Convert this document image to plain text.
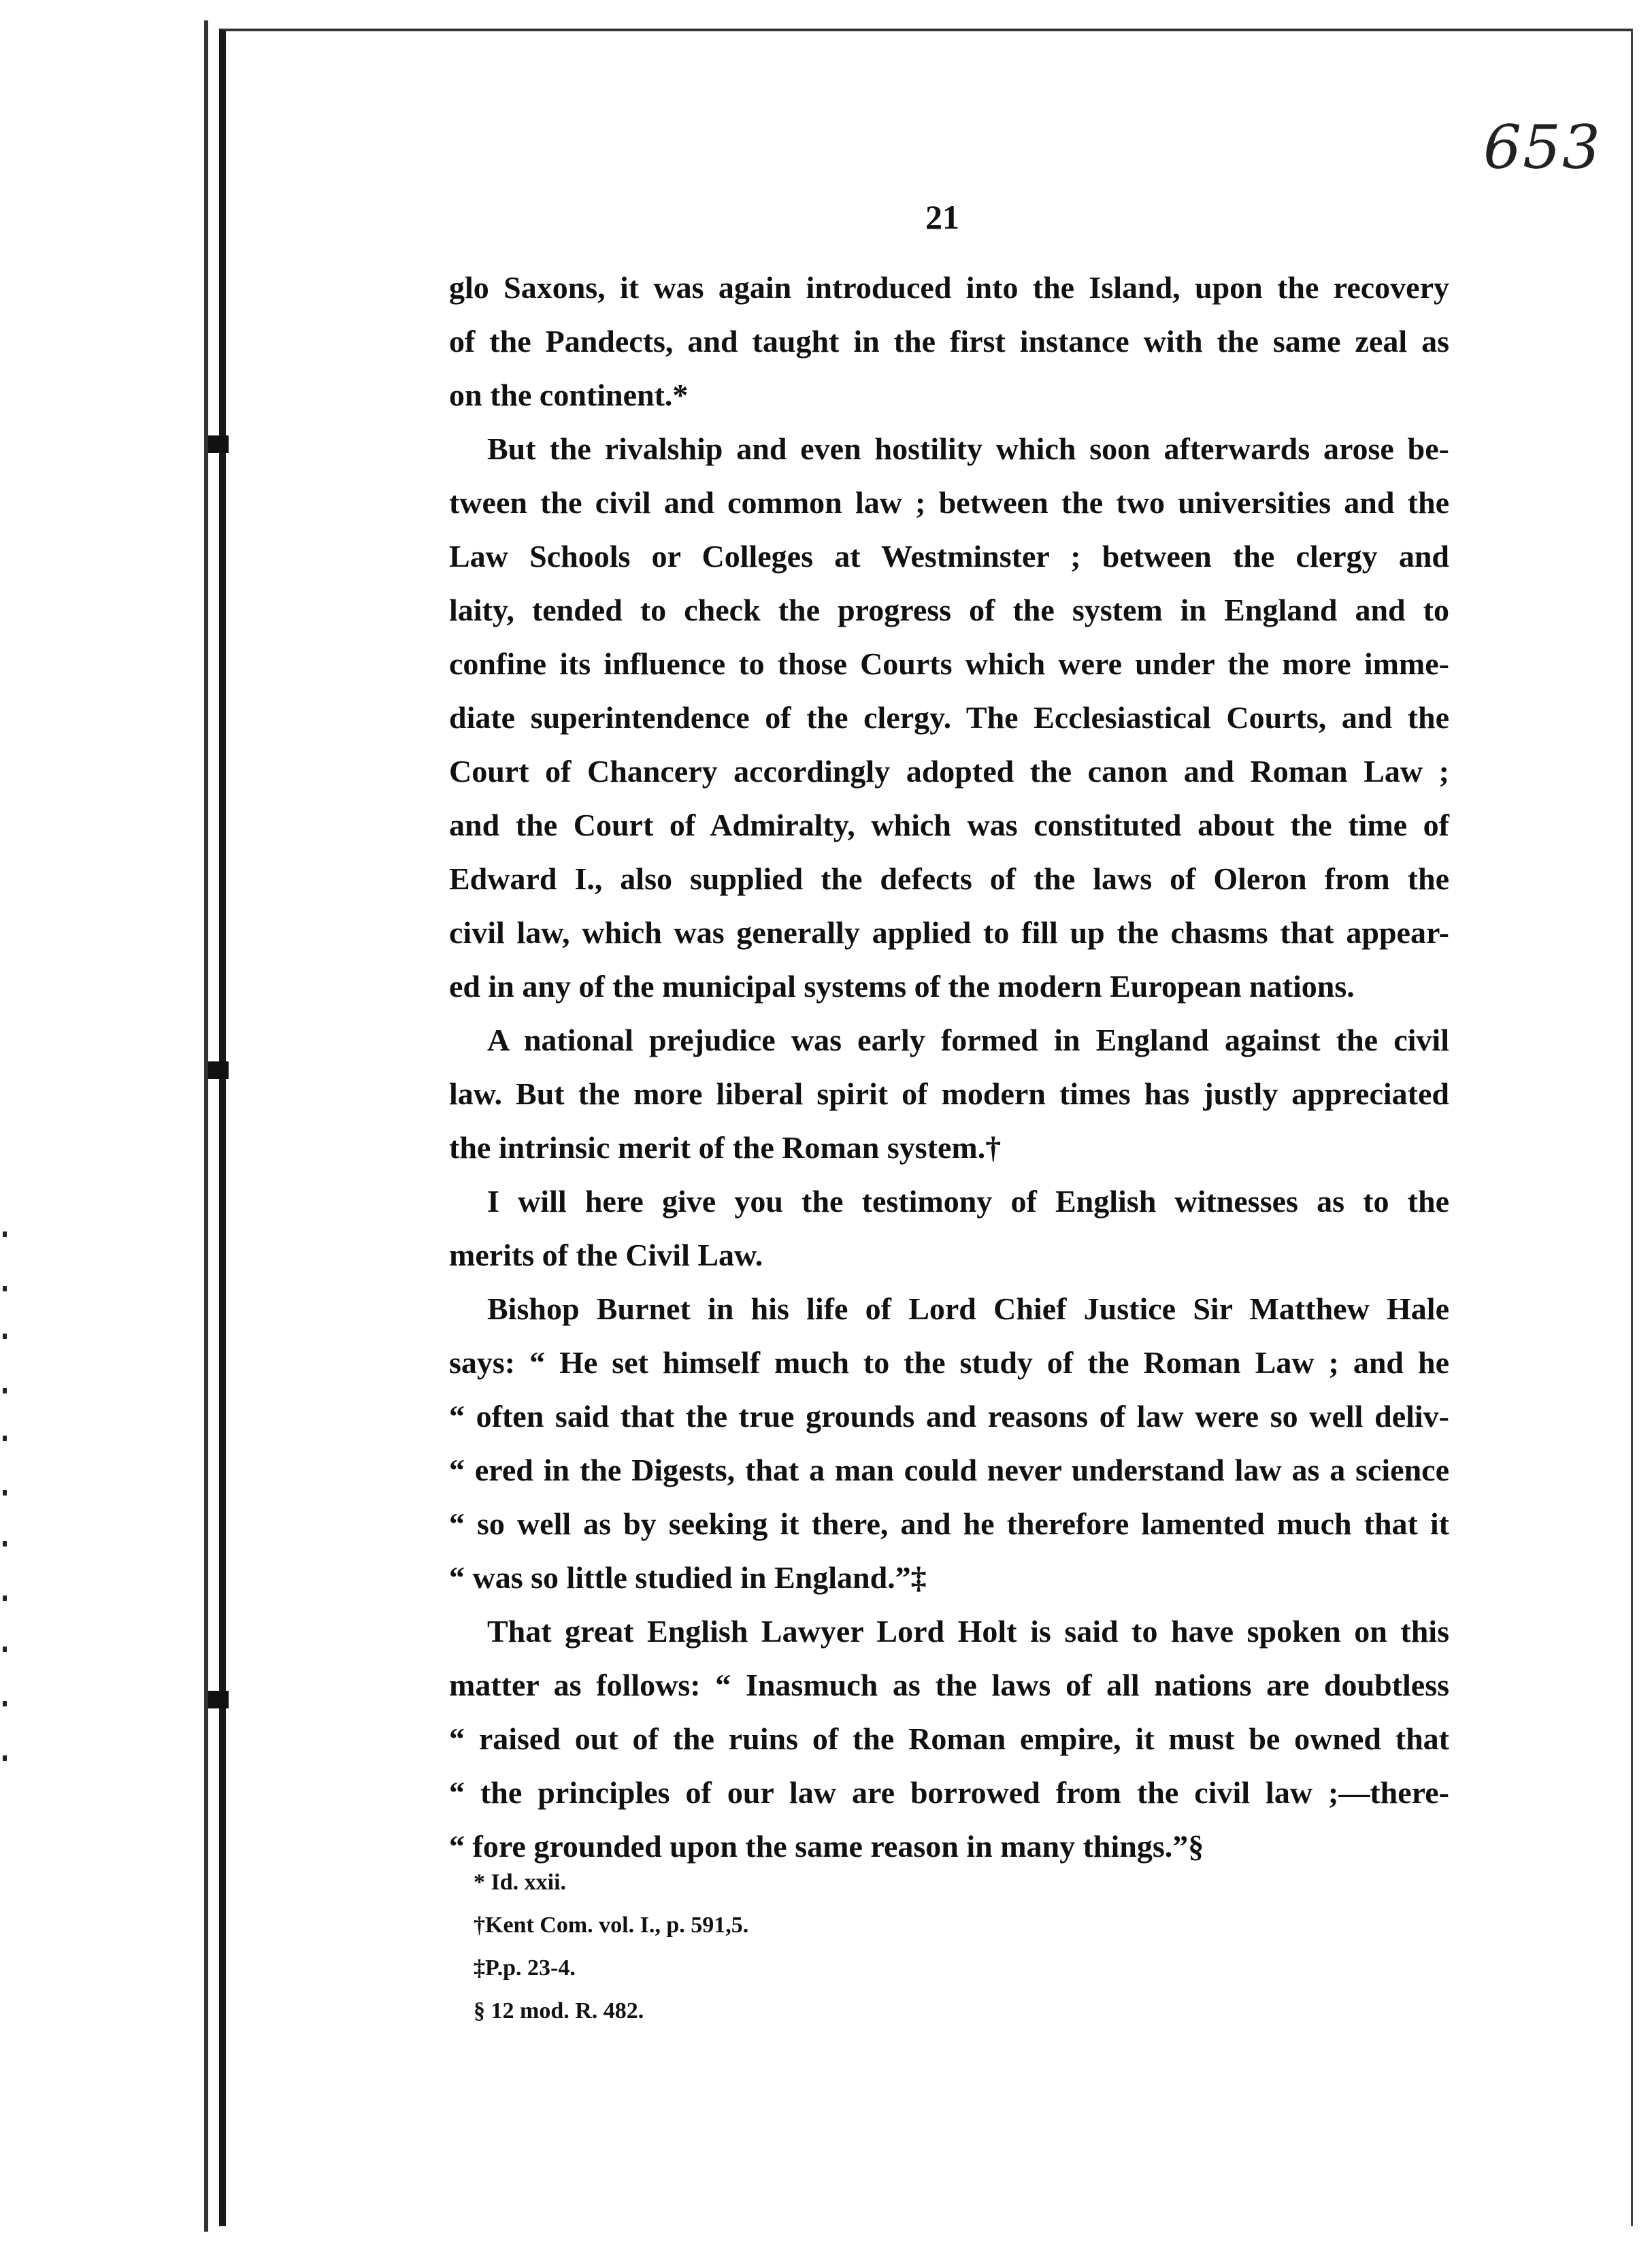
653
21

glo Saxons, it was again introduced into the Island, upon the recovery

of the Pandects, and taught in the first instance with the same zeal as

on the continent.*

But the rivalship and even hostility which soon afterwards arose be-

tween the civil and common law ; between the two universities and the

Law Schools or Colleges at Westminster ; between the clergy and

laity, tended to check the progress of the system in England and to

confine its influence to those Courts which were under the more imme-

diate superintendence of the clergy. The Ecclesiastical Courts, and the

Court of Chancery accordingly adopted the canon and Roman Law ;

and the Court of Admiralty, which was constituted about the time of

Edward I., also supplied the defects of the laws of Oleron from the

civil law, which was generally applied to fill up the chasms that appear-

ed in any of the municipal systems of the modern European nations.

A national prejudice was early formed in England against the civil

law. But the more liberal spirit of modern times has justly appreciated

the intrinsic merit of the Roman system.†

I will here give you the testimony of English witnesses as to the

merits of the Civil Law.

Bishop Burnet in his life of Lord Chief Justice Sir Matthew Hale

says: “ He set himself much to the study of the Roman Law ; and he

“ often said that the true grounds and reasons of law were so well deliv-

“ ered in the Digests, that a man could never understand law as a science

“ so well as by seeking it there, and he therefore lamented much that it

“ was so little studied in England.”‡

That great English Lawyer Lord Holt is said to have spoken on this

matter as follows: “ Inasmuch as the laws of all nations are doubtless

“ raised out of the ruins of the Roman empire, it must be owned that

“ the principles of our law are borrowed from the civil law ;—there-

“ fore grounded upon the same reason in many things.”§

* Id. xxii.
†Kent Com. vol. I., p. 591,5.
‡P.p. 23-4.
§ 12 mod. R. 482.
